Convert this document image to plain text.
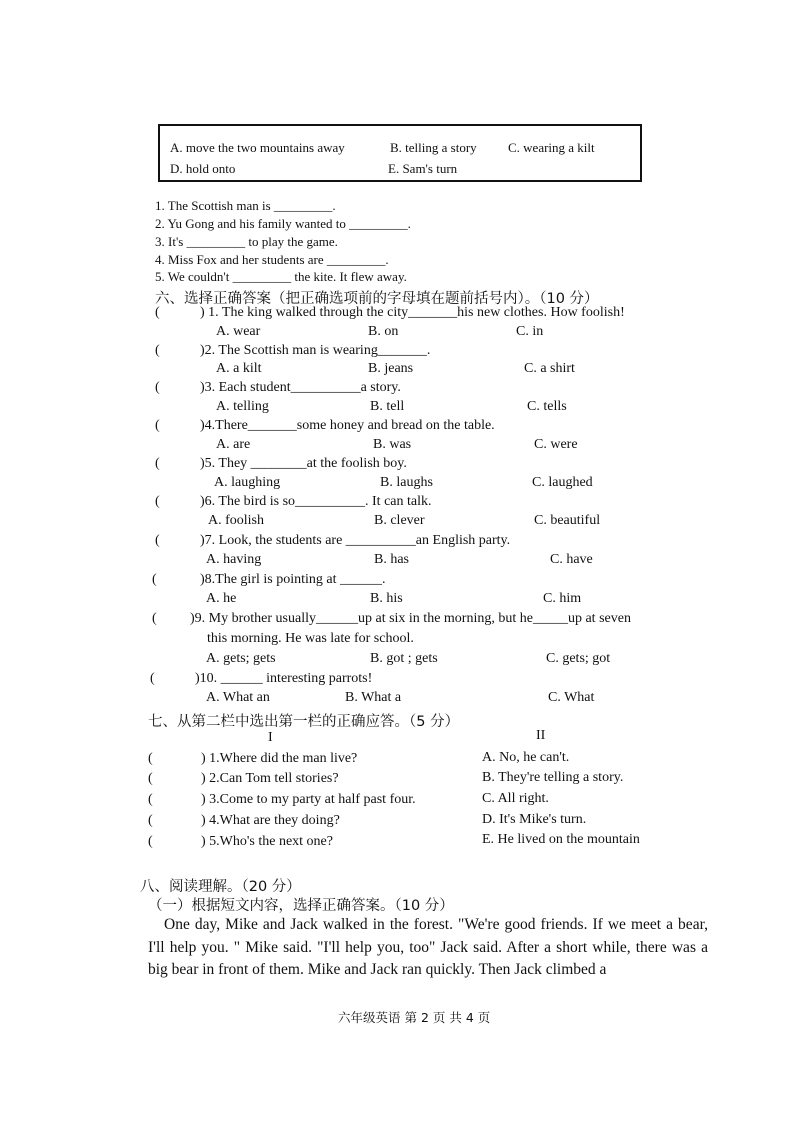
A. move the two mountains away	B. telling a story C. wearing a kilt
D. hold onto	E. Sam's turn
1. The Scottish man is _________.
2. Yu Gong and his family wanted to _________.
3. It's _________ to play the game.
4. Miss Fox and her students are _________.
5. We couldn't _________ the kite. It flew away.
六、选择正确答案（把正确选项前的字母填在题前括号内）。（10 分）
(	) 1. The king walked through the city_______his new clothes. How foolish!
A. wear	B. on	C. in
(	)2. The Scottish man is wearing_______.
A. a kilt	B. jeans	C. a shirt
(	)3. Each student__________a story.
A. telling	B. tell	C. tells
(	)4.There_______some honey and bread on the table.
A. are	B. was	C. were
(	)5. They ________at the foolish boy.
A. laughing	B. laughs	C. laughed
(	)6. The bird is so__________. It can talk.
A. foolish	B. clever	C. beautiful
(	)7. Look, the students are __________an English party.
A. having	B. has	C. have
(	)8.The girl is pointing at ______.
A. he	B. his	C. him
( )9. My brother usually______up at six in the morning, but he_____up at seven
this morning. He was late for school.
A. gets; gets	B. got ; gets	C. gets; got
(	)10. ______ interesting parrots!
A. What an	B. What a	C. What
七、从第二栏中选出第一栏的正确应答。（5 分）
I	II
(	) 1.Where did the man live?	A. No, he can't.
(	) 2.Can Tom tell stories?	B. They're telling a story.
(	) 3.Come to my party at half past four.	C. All right.
(	) 4.What are they doing?	D. It's Mike's turn.
(	) 5.Who's the next one?	E. He lived on the mountain
八、阅读理解。（20 分）
（一）根据短文内容，选择正确答案。（10 分）

One day, Mike and Jack walked in the forest. "We're good friends. If we meet a bear, I'll help you. " Mike said. "I'll help you, too" Jack said. After a short while, there was a big bear in front of them. Mike and Jack ran quickly. Then Jack climbed a

六年级英语 第 2 页 共 4 页
